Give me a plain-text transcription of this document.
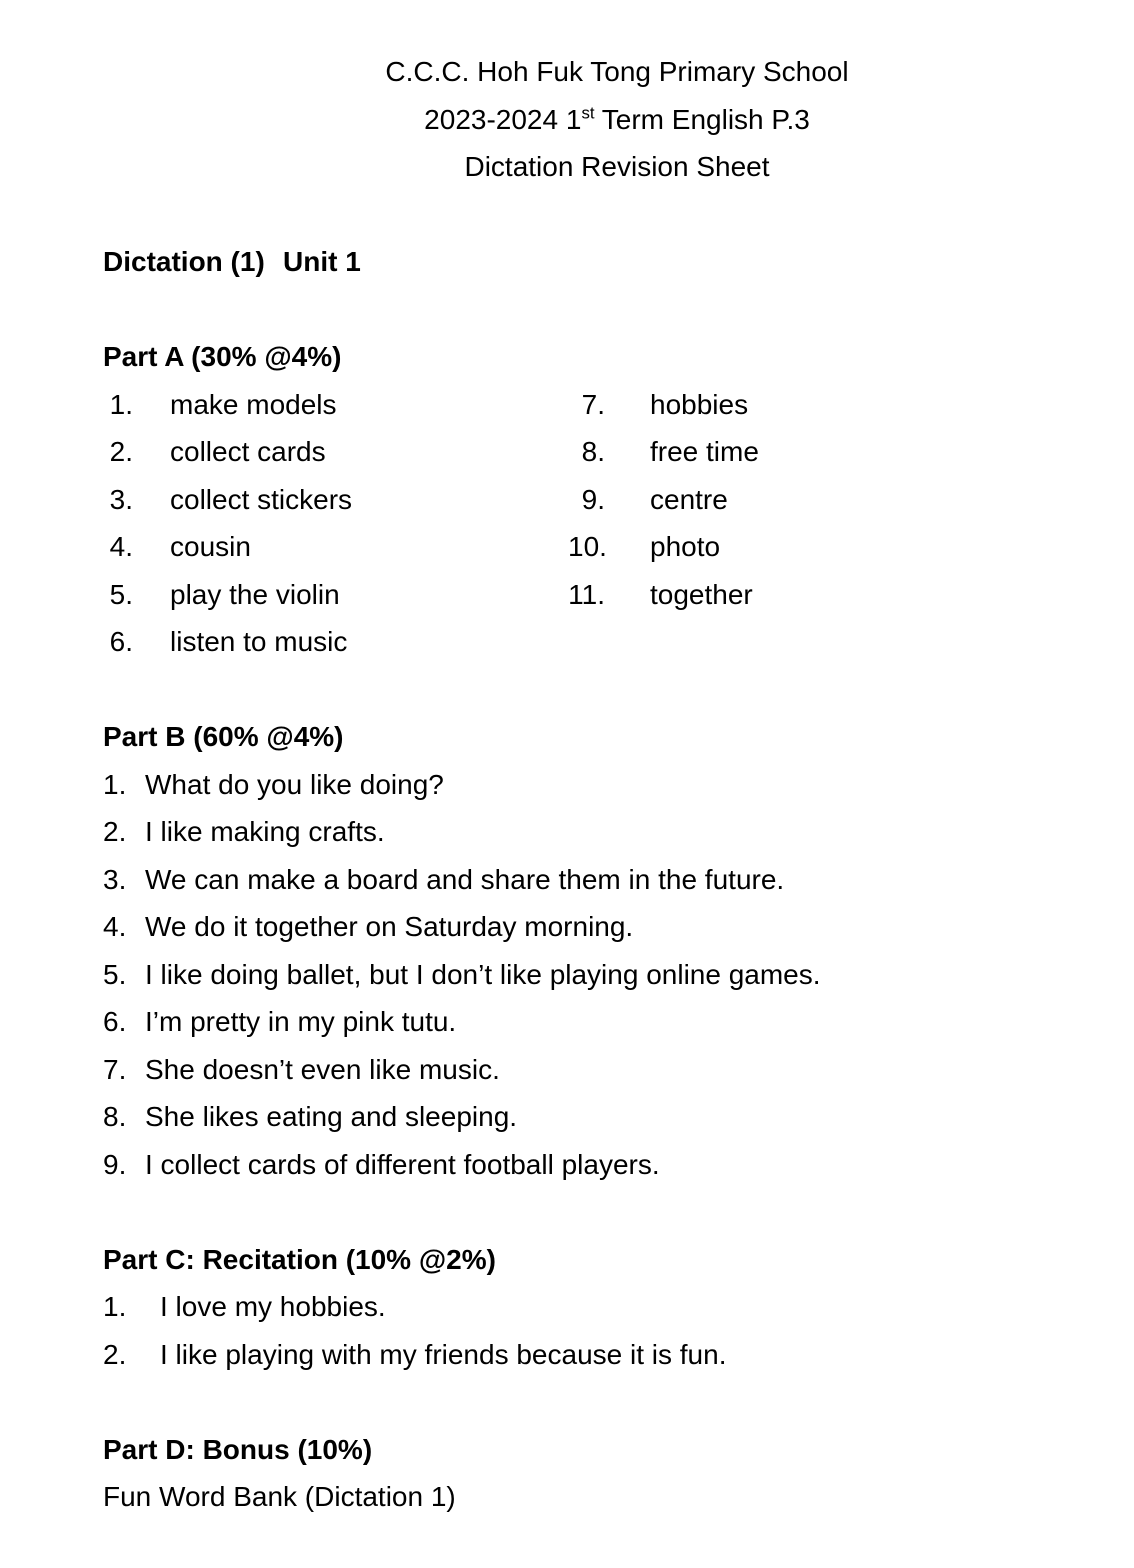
C.C.C. Hoh Fuk Tong Primary School
2023-2024 1st Term English P.3
Dictation Revision Sheet
Dictation (1) Unit 1
Part A (30% @4%)
1. make models
2. collect cards
3. collect stickers
4. cousin
5. play the violin
6. listen to music
7. hobbies
8. free time
9. centre
10. photo
11. together
Part B (60% @4%)
1. What do you like doing?
2. I like making crafts.
3. We can make a board and share them in the future.
4. We do it together on Saturday morning.
5. I like doing ballet, but I don’t like playing online games.
6. I’m pretty in my pink tutu.
7. She doesn’t even like music.
8. She likes eating and sleeping.
9. I collect cards of different football players.
Part C: Recitation (10% @2%)
1.	I love my hobbies.
2.	I like playing with my friends because it is fun.
Part D: Bonus (10%)
Fun Word Bank (Dictation 1)
